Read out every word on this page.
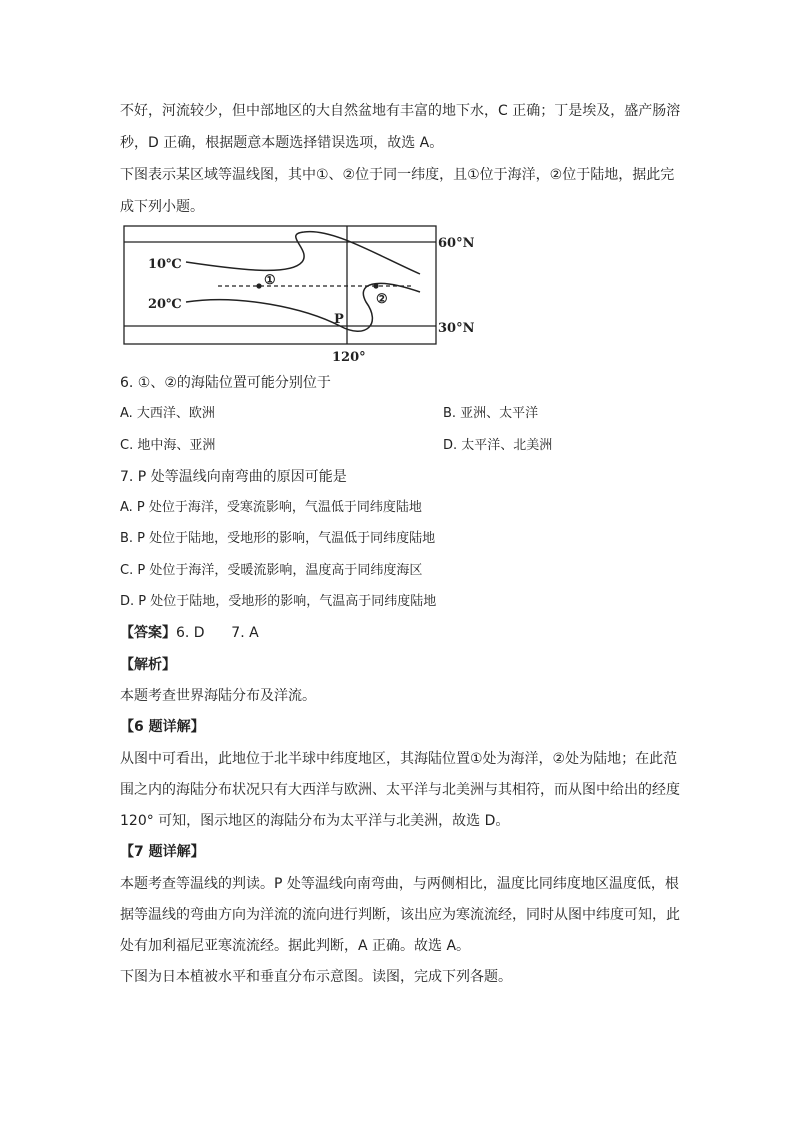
不好，河流较少，但中部地区的大自然盆地有丰富的地下水，C 正确；丁是埃及，盛产肠溶
秒，D 正确，根据题意本题选择错误选项，故选 A。
下图表示某区域等温线图，其中①、②位于同一纬度，且①位于海洋，②位于陆地，据此完
成下列小题。
60°N
30°N
120°
10℃
20℃
①
②
P
6. ①、②的海陆位置可能分别位于
A. 大西洋、欧洲	B. 亚洲、太平洋
C. 地中海、亚洲	D. 太平洋、北美洲
7. P 处等温线向南弯曲的原因可能是
A. P 处位于海洋，受寒流影响，气温低于同纬度陆地
B. P 处位于陆地，受地形的影响，气温低于同纬度陆地
C. P 处位于海洋，受暖流影响，温度高于同纬度海区
D. P 处位于陆地，受地形的影响，气温高于同纬度陆地
【答案】6. D      7. A
【解析】
本题考查世界海陆分布及洋流。
【6 题详解】
从图中可看出，此地位于北半球中纬度地区，其海陆位置①处为海洋，②处为陆地；在此范
围之内的海陆分布状况只有大西洋与欧洲、太平洋与北美洲与其相符，而从图中给出的经度
120° 可知，图示地区的海陆分布为太平洋与北美洲，故选 D。
【7 题详解】
本题考查等温线的判读。P 处等温线向南弯曲，与两侧相比，温度比同纬度地区温度低，根
据等温线的弯曲方向为洋流的流向进行判断，该出应为寒流流经，同时从图中纬度可知，此
处有加利福尼亚寒流流经。据此判断，A 正确。故选 A。
下图为日本植被水平和垂直分布示意图。读图，完成下列各题。
